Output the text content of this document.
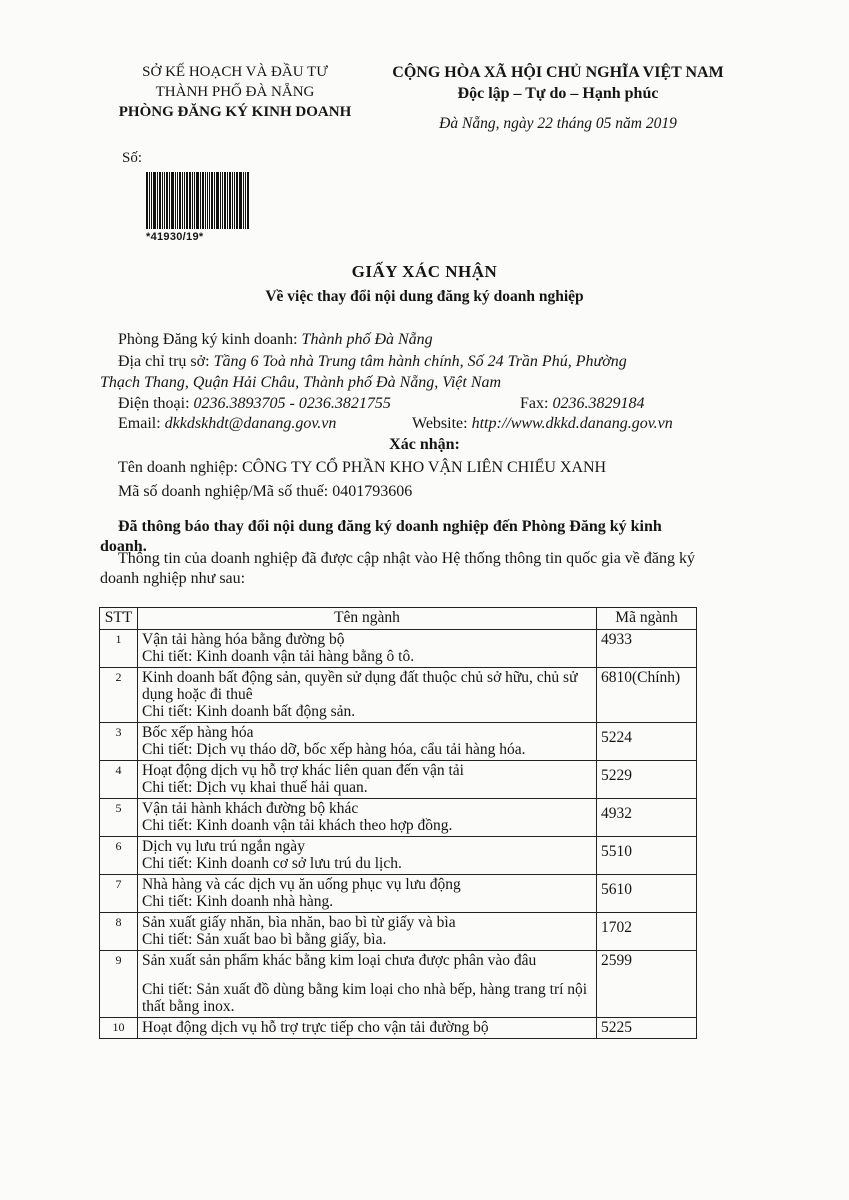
SỞ KẾ HOẠCH VÀ ĐẦU TƯ
THÀNH PHỐ ĐÀ NẴNG
PHÒNG ĐĂNG KÝ KINH DOANH
CỘNG HÒA XÃ HỘI CHỦ NGHĨA VIỆT NAM
Độc lập – Tự do – Hạnh phúc
Đà Nẵng, ngày 22 tháng 05 năm 2019
Số:
*41930/19*
GIẤY XÁC NHẬN
Về việc thay đổi nội dung đăng ký doanh nghiệp
Phòng Đăng ký kinh doanh: Thành phố Đà Nẵng
Địa chỉ trụ sở: Tầng 6 Toà nhà Trung tâm hành chính, Số 24 Trần Phú, Phường
Thạch Thang, Quận Hải Châu, Thành phố Đà Nẵng, Việt Nam
Điện thoại: 0236.3893705 - 0236.3821755	Fax: 0236.3829184
Email: dkkdskhdt@danang.gov.vn	Website: http://www.dkkd.danang.gov.vn
Xác nhận:
Tên doanh nghiệp: CÔNG TY CỔ PHẦN KHO VẬN LIÊN CHIỂU XANH
Mã số doanh nghiệp/Mã số thuế: 0401793606
Đã thông báo thay đổi nội dung đăng ký doanh nghiệp đến Phòng Đăng ký kinh doanh.
Thông tin của doanh nghiệp đã được cập nhật vào Hệ thống thông tin quốc gia về đăng ký doanh nghiệp như sau:
STT	Tên ngành	Mã ngành
1	Vận tải hàng hóa bằng đường bộ
Chi tiết: Kinh doanh vận tải hàng bằng ô tô.	4933
2	Kinh doanh bất động sản, quyền sử dụng đất thuộc chủ sở hữu, chủ sử dụng hoặc đi thuê
Chi tiết: Kinh doanh bất động sản.	6810(Chính)
3	Bốc xếp hàng hóa
Chi tiết: Dịch vụ tháo dỡ, bốc xếp hàng hóa, cẩu tải hàng hóa.	5224
4	Hoạt động dịch vụ hỗ trợ khác liên quan đến vận tải
Chi tiết: Dịch vụ khai thuế hải quan.	5229
5	Vận tải hành khách đường bộ khác
Chi tiết: Kinh doanh vận tải khách theo hợp đồng.	4932
6	Dịch vụ lưu trú ngắn ngày
Chi tiết: Kinh doanh cơ sở lưu trú du lịch.	5510
7	Nhà hàng và các dịch vụ ăn uống phục vụ lưu động
Chi tiết: Kinh doanh nhà hàng.	5610
8	Sản xuất giấy nhăn, bìa nhăn, bao bì từ giấy và bìa
Chi tiết: Sản xuất bao bì bằng giấy, bìa.	1702
9	Sản xuất sản phẩm khác bằng kim loại chưa được phân vào đâu
Chi tiết: Sản xuất đồ dùng bằng kim loại cho nhà bếp, hàng trang trí nội thất bằng inox.	2599
10	Hoạt động dịch vụ hỗ trợ trực tiếp cho vận tải đường bộ	5225
